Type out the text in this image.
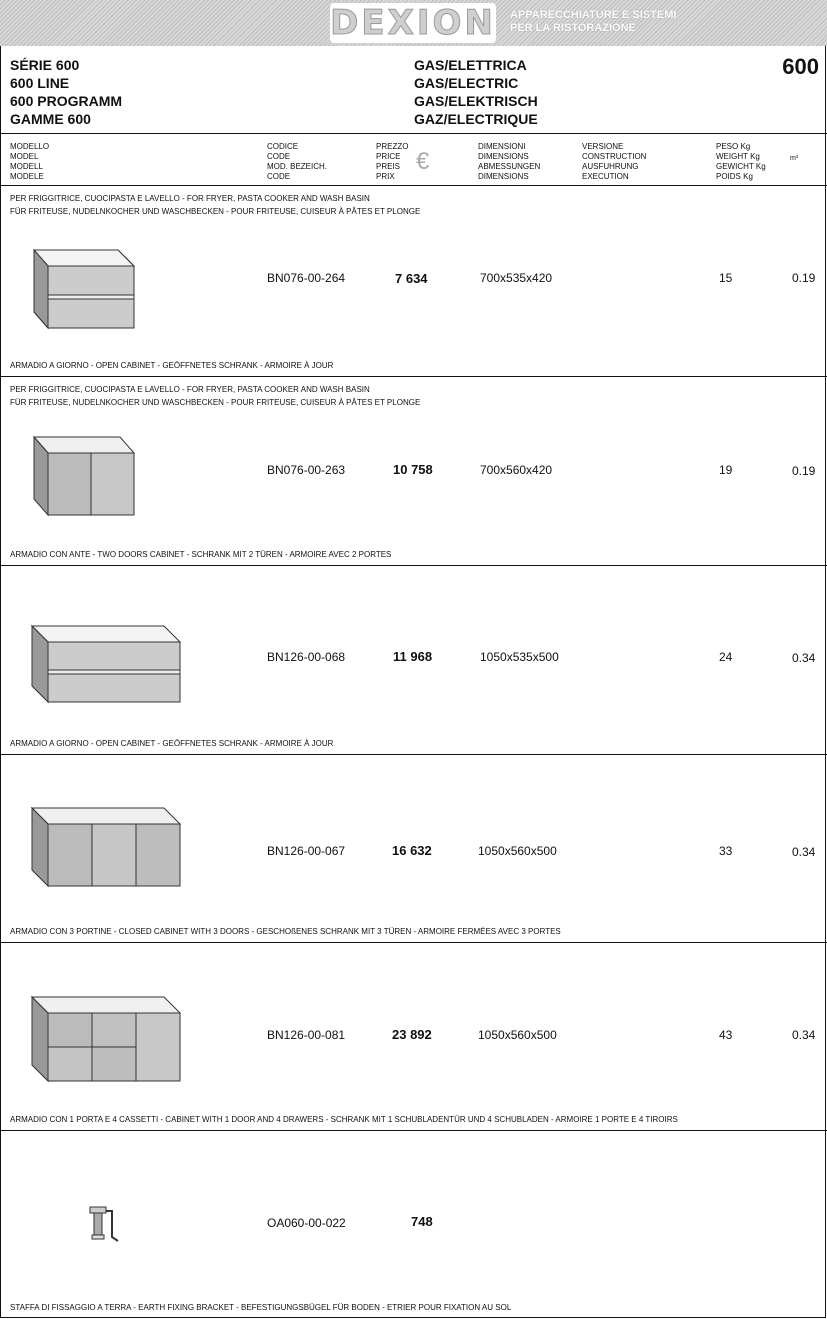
DEXION APPARECCHIATURE E SISTEMI
PER LA RISTORAZIONE
SÉRIE 600
600 LINE
600 PROGRAMM
GAMME 600
GAS/ELETTRICA
GAS/ELECTRIC
GAS/ELEKTRISCH
GAZ/ELECTRIQUE
600
MODELLO
MODEL
MODELL
MODELE
CODICE
CODE
MOD. BEZEICH.
CODE
PREZZO
PRICE
PREIS
PRIX
€
DIMENSIONI
DIMENSIONS
ABMESSUNGEN
DIMENSIONS
VERSIONE
CONSTRUCTION
AUSFUHRUNG
EXECUTION
PESO Kg
WEIGHT Kg
GEWICHT Kg
POIDS Kg
m³
PER FRIGGITRICE, CUOCIPASTA E LAVELLO - FOR FRYER, PASTA COOKER AND WASH BASIN
FÜR FRITEUSE, NUDELNKOCHER UND WASCHBECKEN - POUR FRITEUSE, CUISEUR À PÂTES ET PLONGE
BN076-00-264	7 634	700x535x420	15	0.19
ARMADIO A GIORNO - OPEN CABINET - GEÖFFNETES SCHRANK - ARMOIRE À JOUR
PER FRIGGITRICE, CUOCIPASTA E LAVELLO - FOR FRYER, PASTA COOKER AND WASH BASIN
FÜR FRITEUSE, NUDELNKOCHER UND WASCHBECKEN - POUR FRITEUSE, CUISEUR À PÂTES ET PLONGE
BN076-00-263	10 758	700x560x420	19	0.19
ARMADIO CON ANTE - TWO DOORS CABINET - SCHRANK MIT 2 TÜREN - ARMOIRE AVEC 2 PORTES
BN126-00-068	11 968	1050x535x500	24	0.34
ARMADIO A GIORNO - OPEN CABINET - GEÖFFNETES SCHRANK - ARMOIRE À JOUR
BN126-00-067	16 632	1050x560x500	33	0.34
ARMADIO CON 3 PORTINE - CLOSED CABINET WITH 3 DOORS - GESCHOßENES SCHRANK MIT 3 TÜREN - ARMOIRE FERMÉES AVEC 3 PORTES
BN126-00-081	23 892	1050x560x500	43	0.34
ARMADIO CON 1 PORTA E 4 CASSETTI - CABINET WITH 1 DOOR AND 4 DRAWERS - SCHRANK MIT 1 SCHUBLADENTÜR UND 4 SCHUBLADEN - ARMOIRE 1 PORTE E 4 TIROIRS
OA060-00-022	748
STAFFA DI FISSAGGIO A TERRA - EARTH FIXING BRACKET - BEFESTIGUNGSBÜGEL FÜR BODEN - ETRIER POUR FIXATION AU SOL
